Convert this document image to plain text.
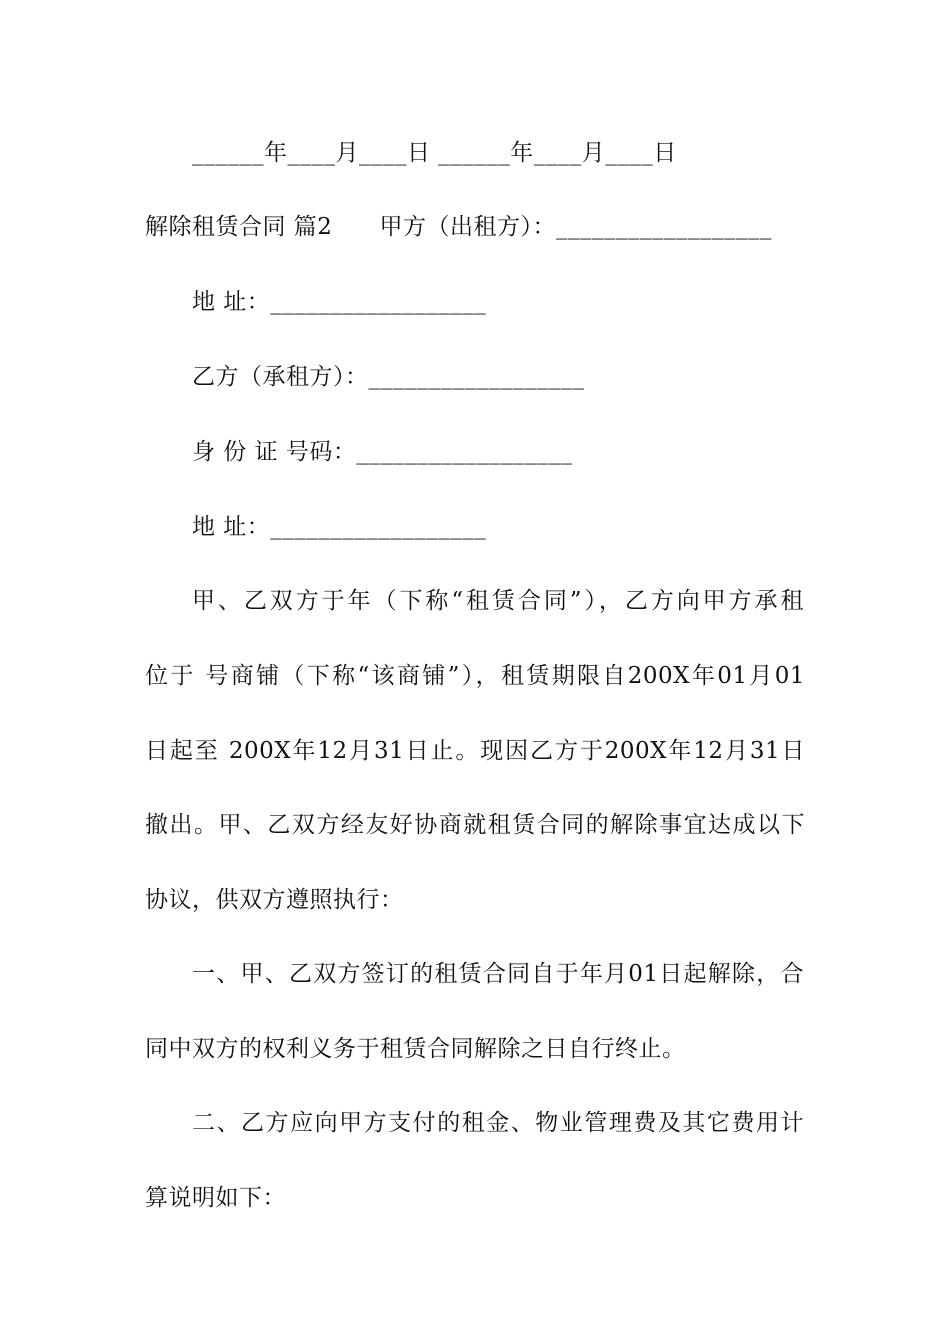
______年____月____日 ______年____月____日
解除租赁合同 篇2　　甲方（出租方）：__________________
地 址：__________________
乙方（承租方）：__________________
身 份 证 号码：__________________
地 址：__________________
甲、乙双方于年（下称“租赁合同”），乙方向甲方承租
位于 号商铺（下称“该商铺”），租赁期限自200X年01月01
日起至 200X年12月31日止。现因乙方于200X年12月31日
撤出。甲、乙双方经友好协商就租赁合同的解除事宜达成以下
协议，供双方遵照执行：
一、甲、乙双方签订的租赁合同自于年月01日起解除，合
同中双方的权利义务于租赁合同解除之日自行终止。
二、乙方应向甲方支付的租金、物业管理费及其它费用计
算说明如下：
